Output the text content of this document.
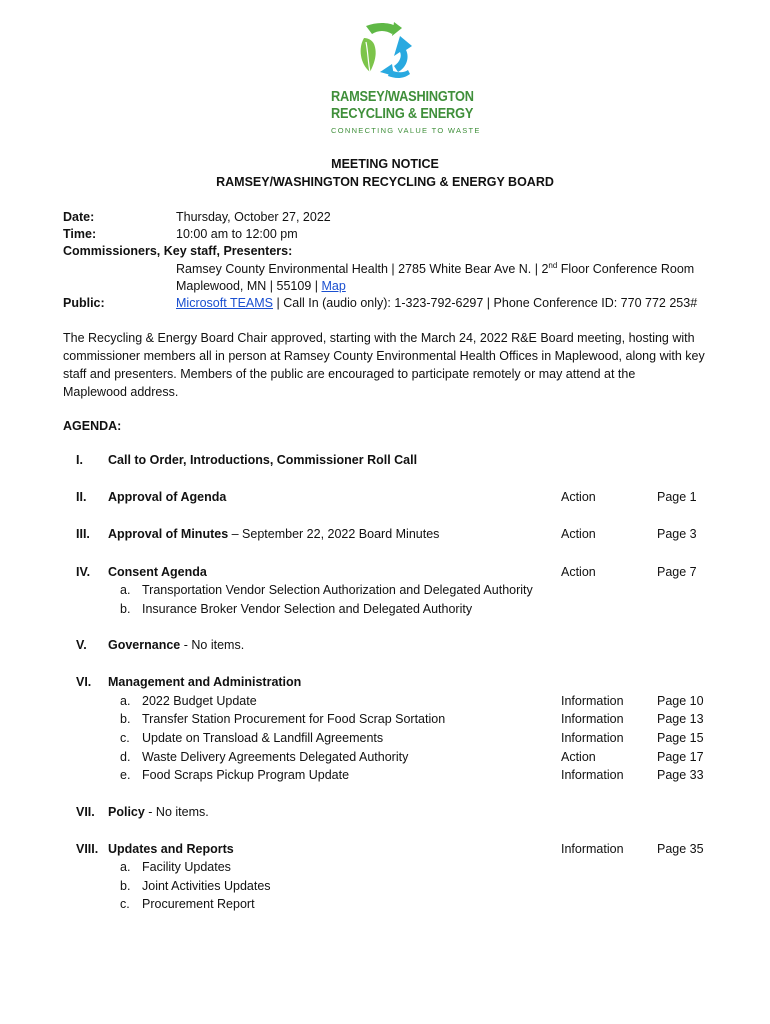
RAMSEY/WASHINGTON
RECYCLING & ENERGY
CONNECTING VALUE TO WASTE
MEETING NOTICE
RAMSEY/WASHINGTON RECYCLING & ENERGY BOARD
Date:	Thursday, October 27, 2022
Time:	10:00 am to 12:00 pm
Commissioners, Key staff, Presenters:
Ramsey County Environmental Health | 2785 White Bear Ave N. | 2nd Floor Conference Room
Maplewood, MN | 55109 | Map
Public:	Microsoft TEAMS | Call In (audio only): 1-323-792-6297 | Phone Conference ID: 770 772 253#
The Recycling & Energy Board Chair approved, starting with the March 24, 2022 R&E Board meeting, hosting with
commissioner members all in person at Ramsey County Environmental Health Offices in Maplewood, along with key
staff and presenters. Members of the public are encouraged to participate remotely or may attend at the
Maplewood address.
AGENDA:
I. Call to Order, Introductions, Commissioner Roll Call
II. Approval of Agenda	Action	Page 1
III. Approval of Minutes – September 22, 2022 Board Minutes	Action	Page 3
IV. Consent Agenda	Action	Page 7
a. Transportation Vendor Selection Authorization and Delegated Authority
b. Insurance Broker Vendor Selection and Delegated Authority
V. Governance - No items.
VI. Management and Administration
a. 2022 Budget Update	Information	Page 10
b. Transfer Station Procurement for Food Scrap Sortation	Information	Page 13
c. Update on Transload & Landfill Agreements	Information	Page 15
d. Waste Delivery Agreements Delegated Authority	Action	Page 17
e. Food Scraps Pickup Program Update	Information	Page 33
VII. Policy - No items.
VIII. Updates and Reports	Information	Page 35
a. Facility Updates
b. Joint Activities Updates
c. Procurement Report
